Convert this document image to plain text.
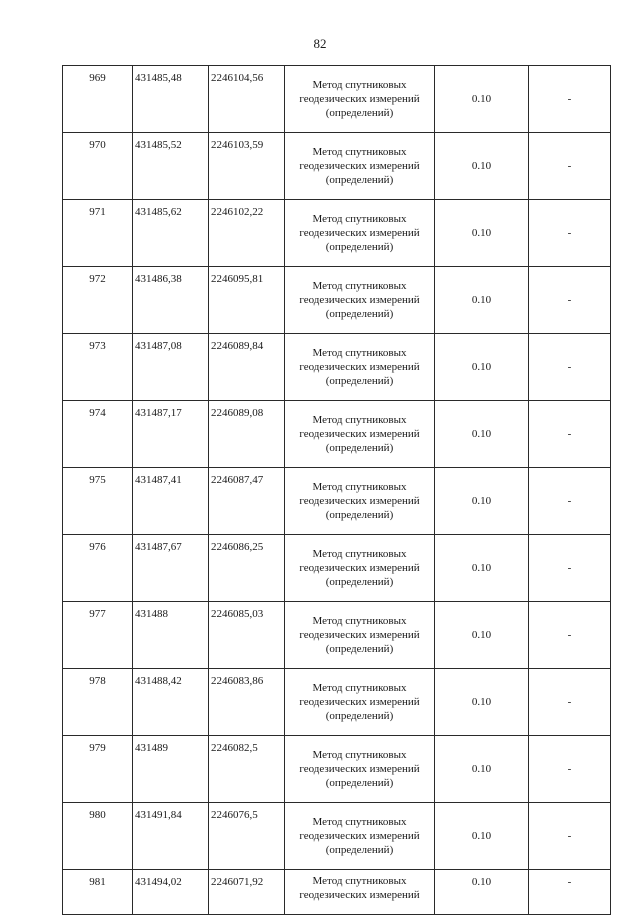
82
969	431485,48	2246104,56	Метод спутниковых
геодезических измерений
(определений)	0.10	-
970	431485,52	2246103,59	Метод спутниковых
геодезических измерений
(определений)	0.10	-
971	431485,62	2246102,22	Метод спутниковых
геодезических измерений
(определений)	0.10	-
972	431486,38	2246095,81	Метод спутниковых
геодезических измерений
(определений)	0.10	-
973	431487,08	2246089,84	Метод спутниковых
геодезических измерений
(определений)	0.10	-
974	431487,17	2246089,08	Метод спутниковых
геодезических измерений
(определений)	0.10	-
975	431487,41	2246087,47	Метод спутниковых
геодезических измерений
(определений)	0.10	-
976	431487,67	2246086,25	Метод спутниковых
геодезических измерений
(определений)	0.10	-
977	431488	2246085,03	Метод спутниковых
геодезических измерений
(определений)	0.10	-
978	431488,42	2246083,86	Метод спутниковых
геодезических измерений
(определений)	0.10	-
979	431489	2246082,5	Метод спутниковых
геодезических измерений
(определений)	0.10	-
980	431491,84	2246076,5	Метод спутниковых
геодезических измерений
(определений)	0.10	-
981	431494,02	2246071,92	Метод спутниковых
геодезических измерений	0.10	-
